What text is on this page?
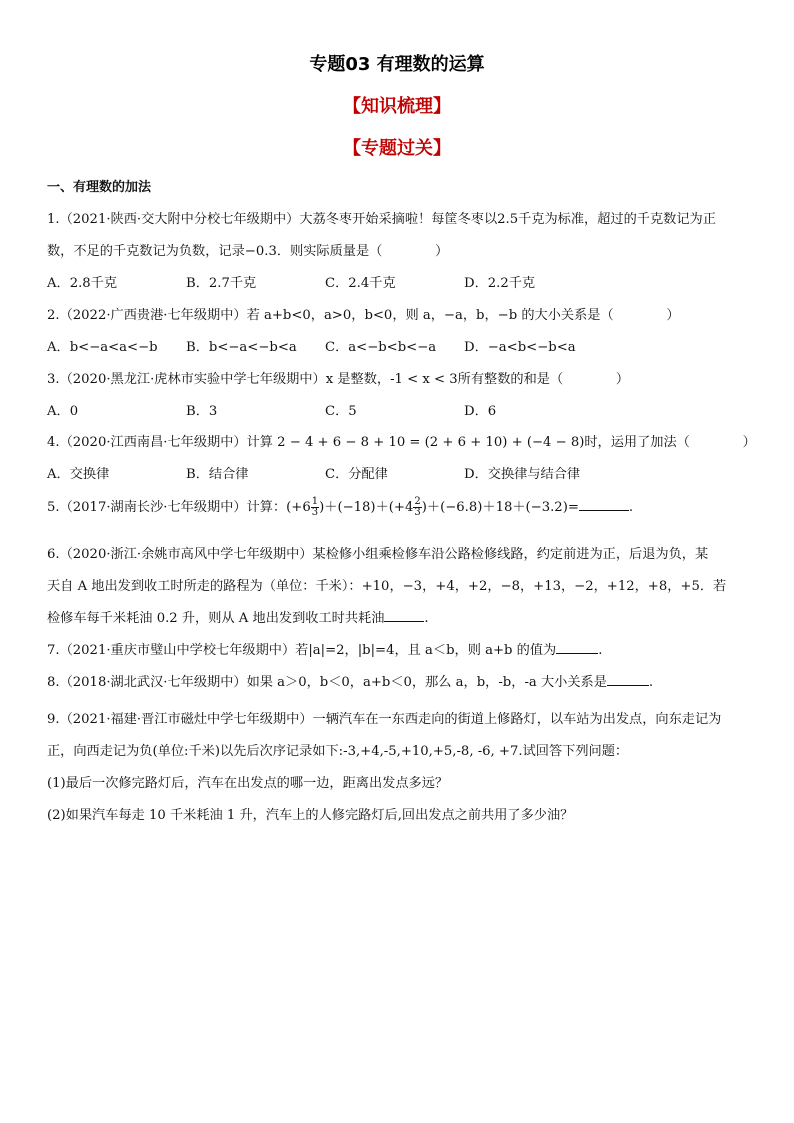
专题03 有理数的运算
【知识梳理】
【专题过关】
一、有理数的加法
1.（2021·陕西·交大附中分校七年级期中）大荔冬枣开始采摘啦！每筐冬枣以2.5千克为标准，超过的千克数记为正
数，不足的千克数记为负数，记录−0.3．则实际质量是（　　　　）
A．2.8千克	B．2.7千克	C．2.4千克	D．2.2千克
2.（2022·广西贵港·七年级期中）若 a+b<0，a>0，b<0，则 a，−a，b，−b 的大小关系是（　　　　）
A．b<−a<a<−b B．b<−a<−b<a C．a<−b<b<−a D．−a<b<−b<a
3.（2020·黑龙江·虎林市实验中学七年级期中）x 是整数，-1 < x < 3所有整数的和是（　　　　）
A．0	B．3	C．5	D．6
4.（2020·江西南昌·七年级期中）计算 2 − 4 + 6 − 8 + 10 = (2 + 6 + 10) + (−4 − 8)时，运用了加法（　　　　）
A．交换律	B．结合律	C．分配律	D．交换律与结合律
5.（2017·湖南长沙·七年级期中）计算：$(+6 \frac{1}{3} )+(-18)+(+4 \frac{2}{3} )+(-6.8)+18+(-3.2)=$	.
6.（2020·浙江·余姚市高风中学七年级期中）某检修小组乘检修车沿公路检修线路，约定前进为正，后退为负，某
天自 A 地出发到收工时所走的路程为（单位：千米）：+10，−3，+4，+2，−8，+13，−2，+12，+8，+5．若
检修车每千米耗油 0.2 升，则从 A 地出发到收工时共耗油	.
7.（2021·重庆市璧山中学校七年级期中）若|a|=2，|b|=4，且 a＜b，则 a+b 的值为	.
8.（2018·湖北武汉·七年级期中）如果 a＞0，b＜0，a+b＜0，那么 a，b，-b，-a 大小关系是	.
9.（2021·福建·晋江市磁灶中学七年级期中）一辆汽车在一东西走向的街道上修路灯，以车站为出发点，向东走记为
正，向西走记为负(单位:千米)以先后次序记录如下:-3,+4,-5,+10,+5,-8, -6, +7.试回答下列问题：
(1)最后一次修完路灯后，汽车在出发点的哪一边，距离出发点多远？
(2)如果汽车每走 10 千米耗油 1 升，汽车上的人修完路灯后,回出发点之前共用了多少油？
